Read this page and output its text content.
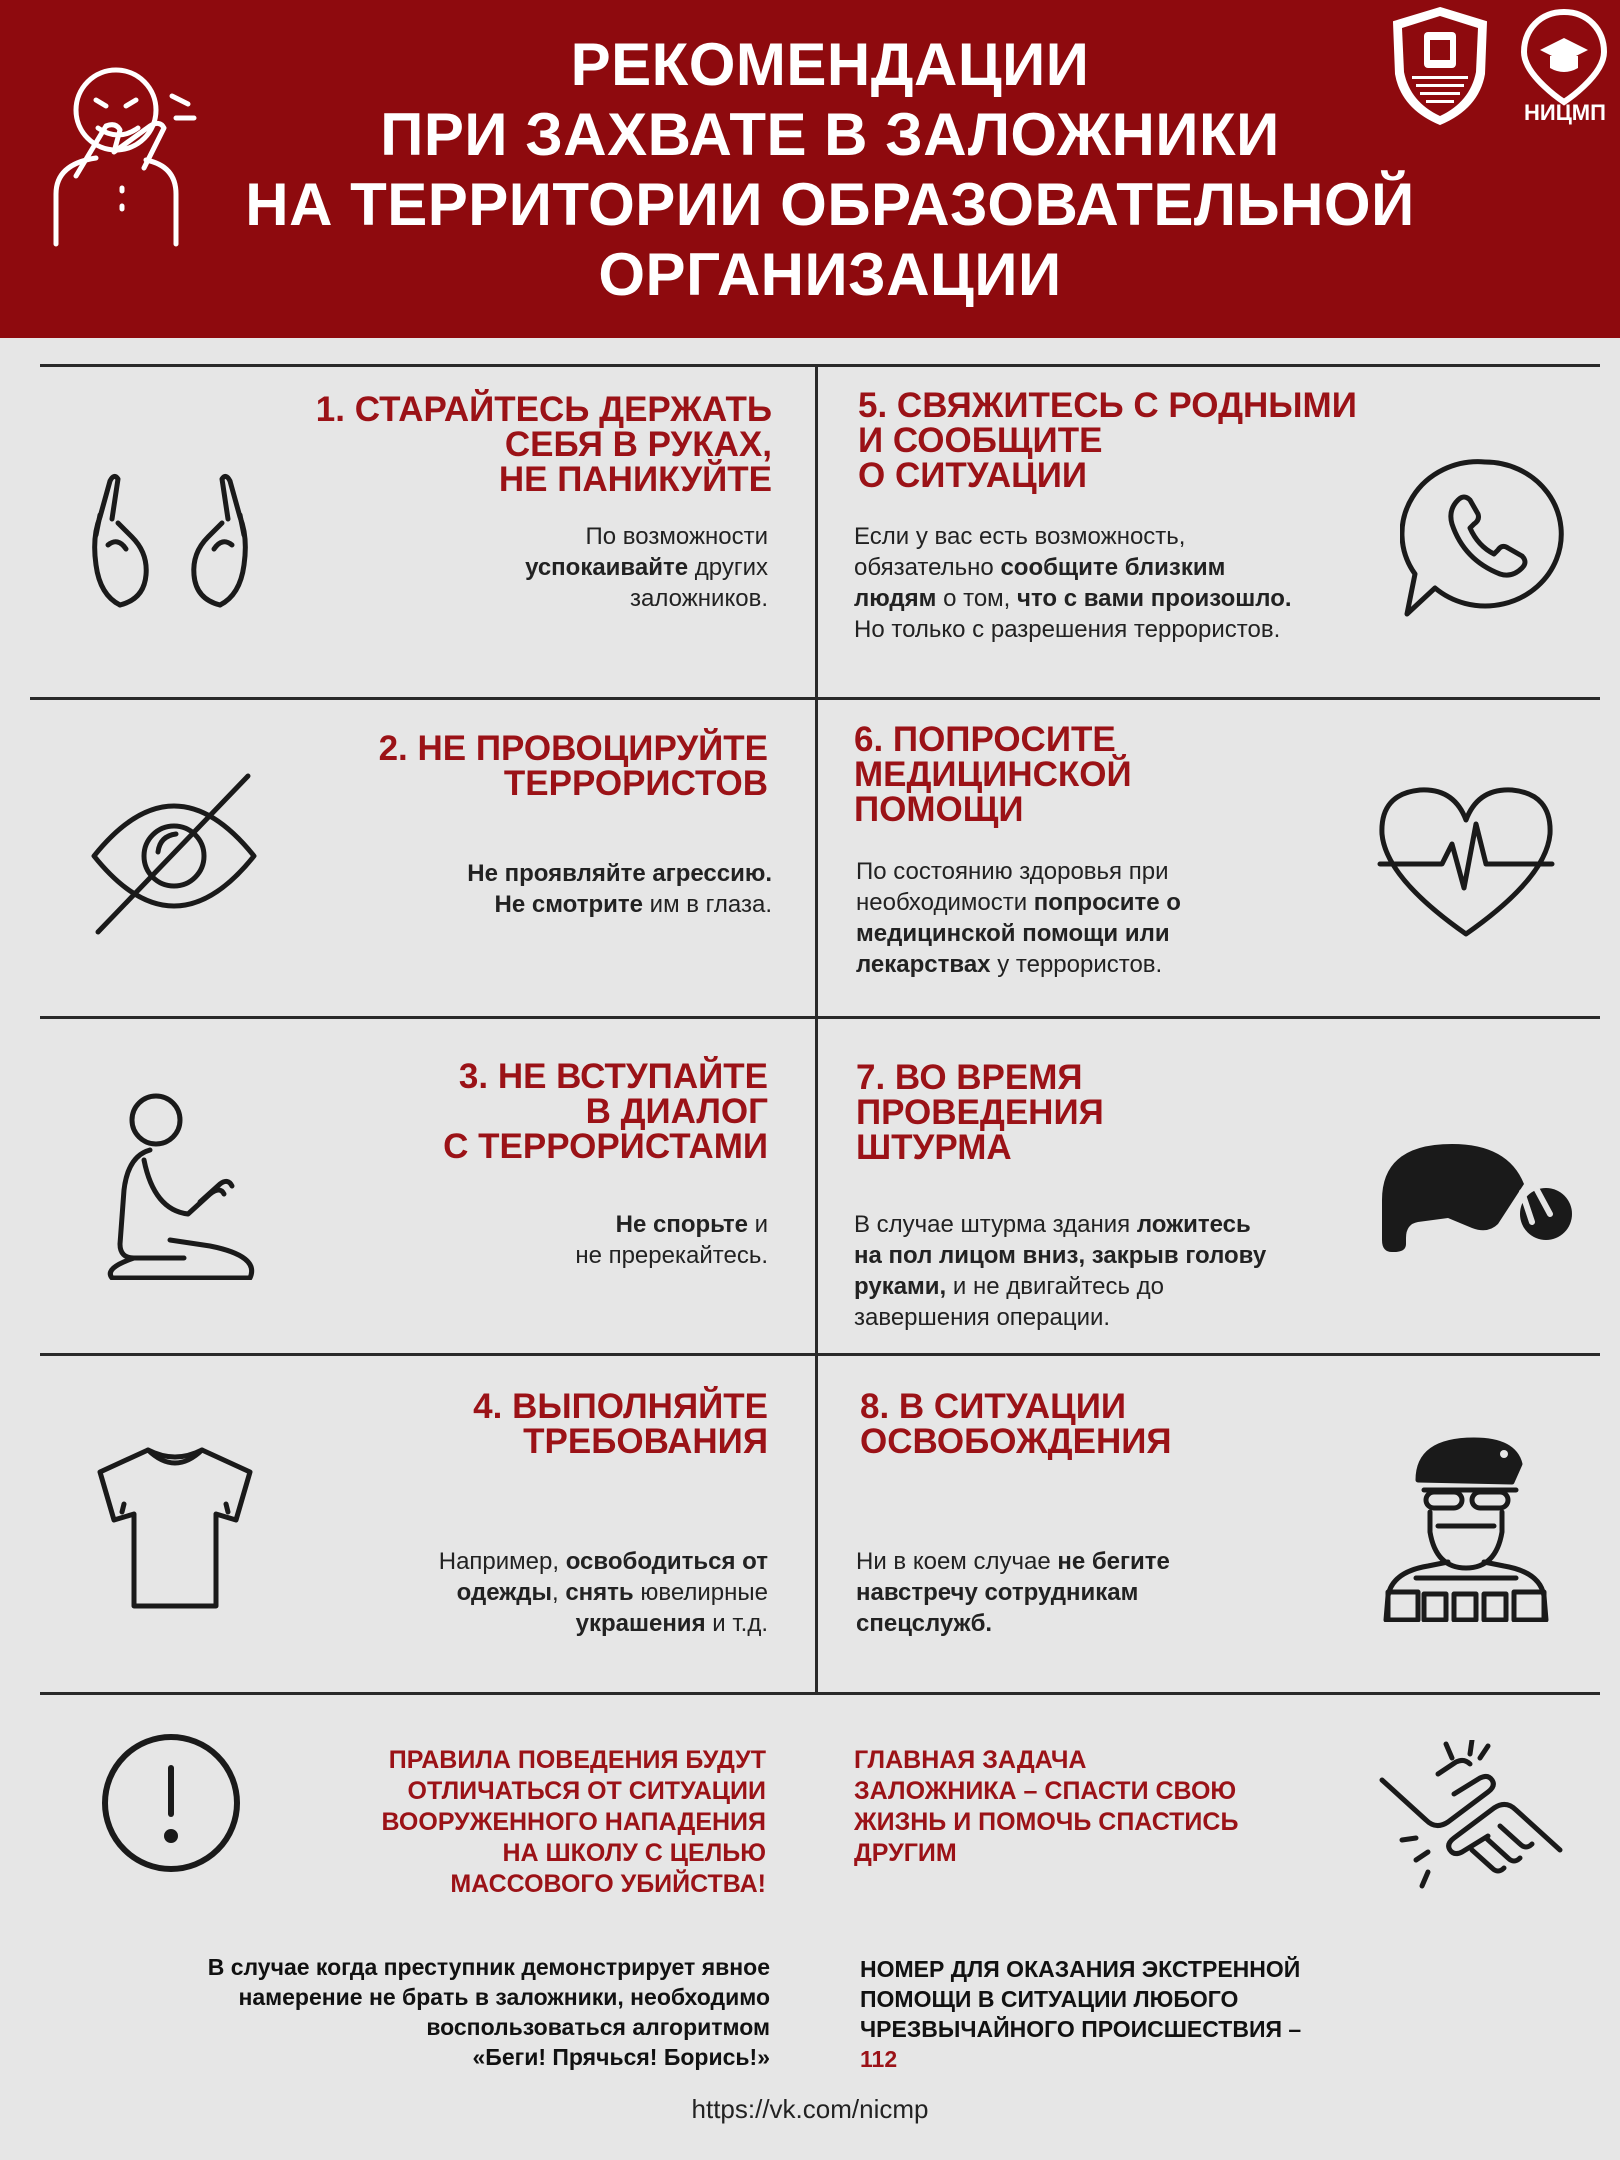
РЕКОМЕНДАЦИИ
ПРИ ЗАХВАТЕ В ЗАЛОЖНИКИ
НА ТЕРРИТОРИИ ОБРАЗОВАТЕЛЬНОЙ
ОРГАНИЗАЦИИ
НИЦМП
1. СТАРАЙТЕСЬ ДЕРЖАТЬ
СЕБЯ В РУКАХ,
НЕ ПАНИКУЙТЕ
По возможности
успокаивайте других
заложников.
2. НЕ ПРОВОЦИРУЙТЕ
ТЕРРОРИСТОВ
Не проявляйте агрессию.
Не смотрите им в глаза.
3. НЕ ВСТУПАЙТЕ
В ДИАЛОГ
С ТЕРРОРИСТАМИ
Не спорьте и
не пререкайтесь.
4. ВЫПОЛНЯЙТЕ
ТРЕБОВАНИЯ
Например, освободиться от
одежды, снять ювелирные
украшения и т.д.
5. СВЯЖИТЕСЬ С РОДНЫМИ
И СООБЩИТЕ
О СИТУАЦИИ
Если у вас есть возможность,
обязательно сообщите близким
людям о том, что с вами произошло.
Но только с разрешения террористов.
6. ПОПРОСИТЕ
МЕДИЦИНСКОЙ
ПОМОЩИ
По состоянию здоровья при
необходимости попросите о
медицинской помощи или
лекарствах у террористов.
7. ВО ВРЕМЯ
ПРОВЕДЕНИЯ
ШТУРМА
В случае штурма здания ложитесь
на пол лицом вниз, закрыв голову
руками, и не двигайтесь до
завершения операции.
8. В СИТУАЦИИ
ОСВОБОЖДЕНИЯ
Ни в коем случае не бегите
навстречу сотрудникам
спецслужб.
ПРАВИЛА ПОВЕДЕНИЯ БУДУТ
ОТЛИЧАТЬСЯ ОТ СИТУАЦИИ
ВООРУЖЕННОГО НАПАДЕНИЯ
НА ШКОЛУ С ЦЕЛЬЮ
МАССОВОГО УБИЙСТВА!
ГЛАВНАЯ ЗАДАЧА
ЗАЛОЖНИКА – СПАСТИ СВОЮ
ЖИЗНЬ И ПОМОЧЬ СПАСТИСЬ
ДРУГИМ
В случае когда преступник демонстрирует явное
намерение не брать в заложники, необходимо
воспользоваться алгоритмом
«Беги! Прячься! Борись!»
НОМЕР ДЛЯ ОКАЗАНИЯ ЭКСТРЕННОЙ
ПОМОЩИ В СИТУАЦИИ ЛЮБОГО
ЧРЕЗВЫЧАЙНОГО ПРОИСШЕСТВИЯ –
112
https://vk.com/nicmp
